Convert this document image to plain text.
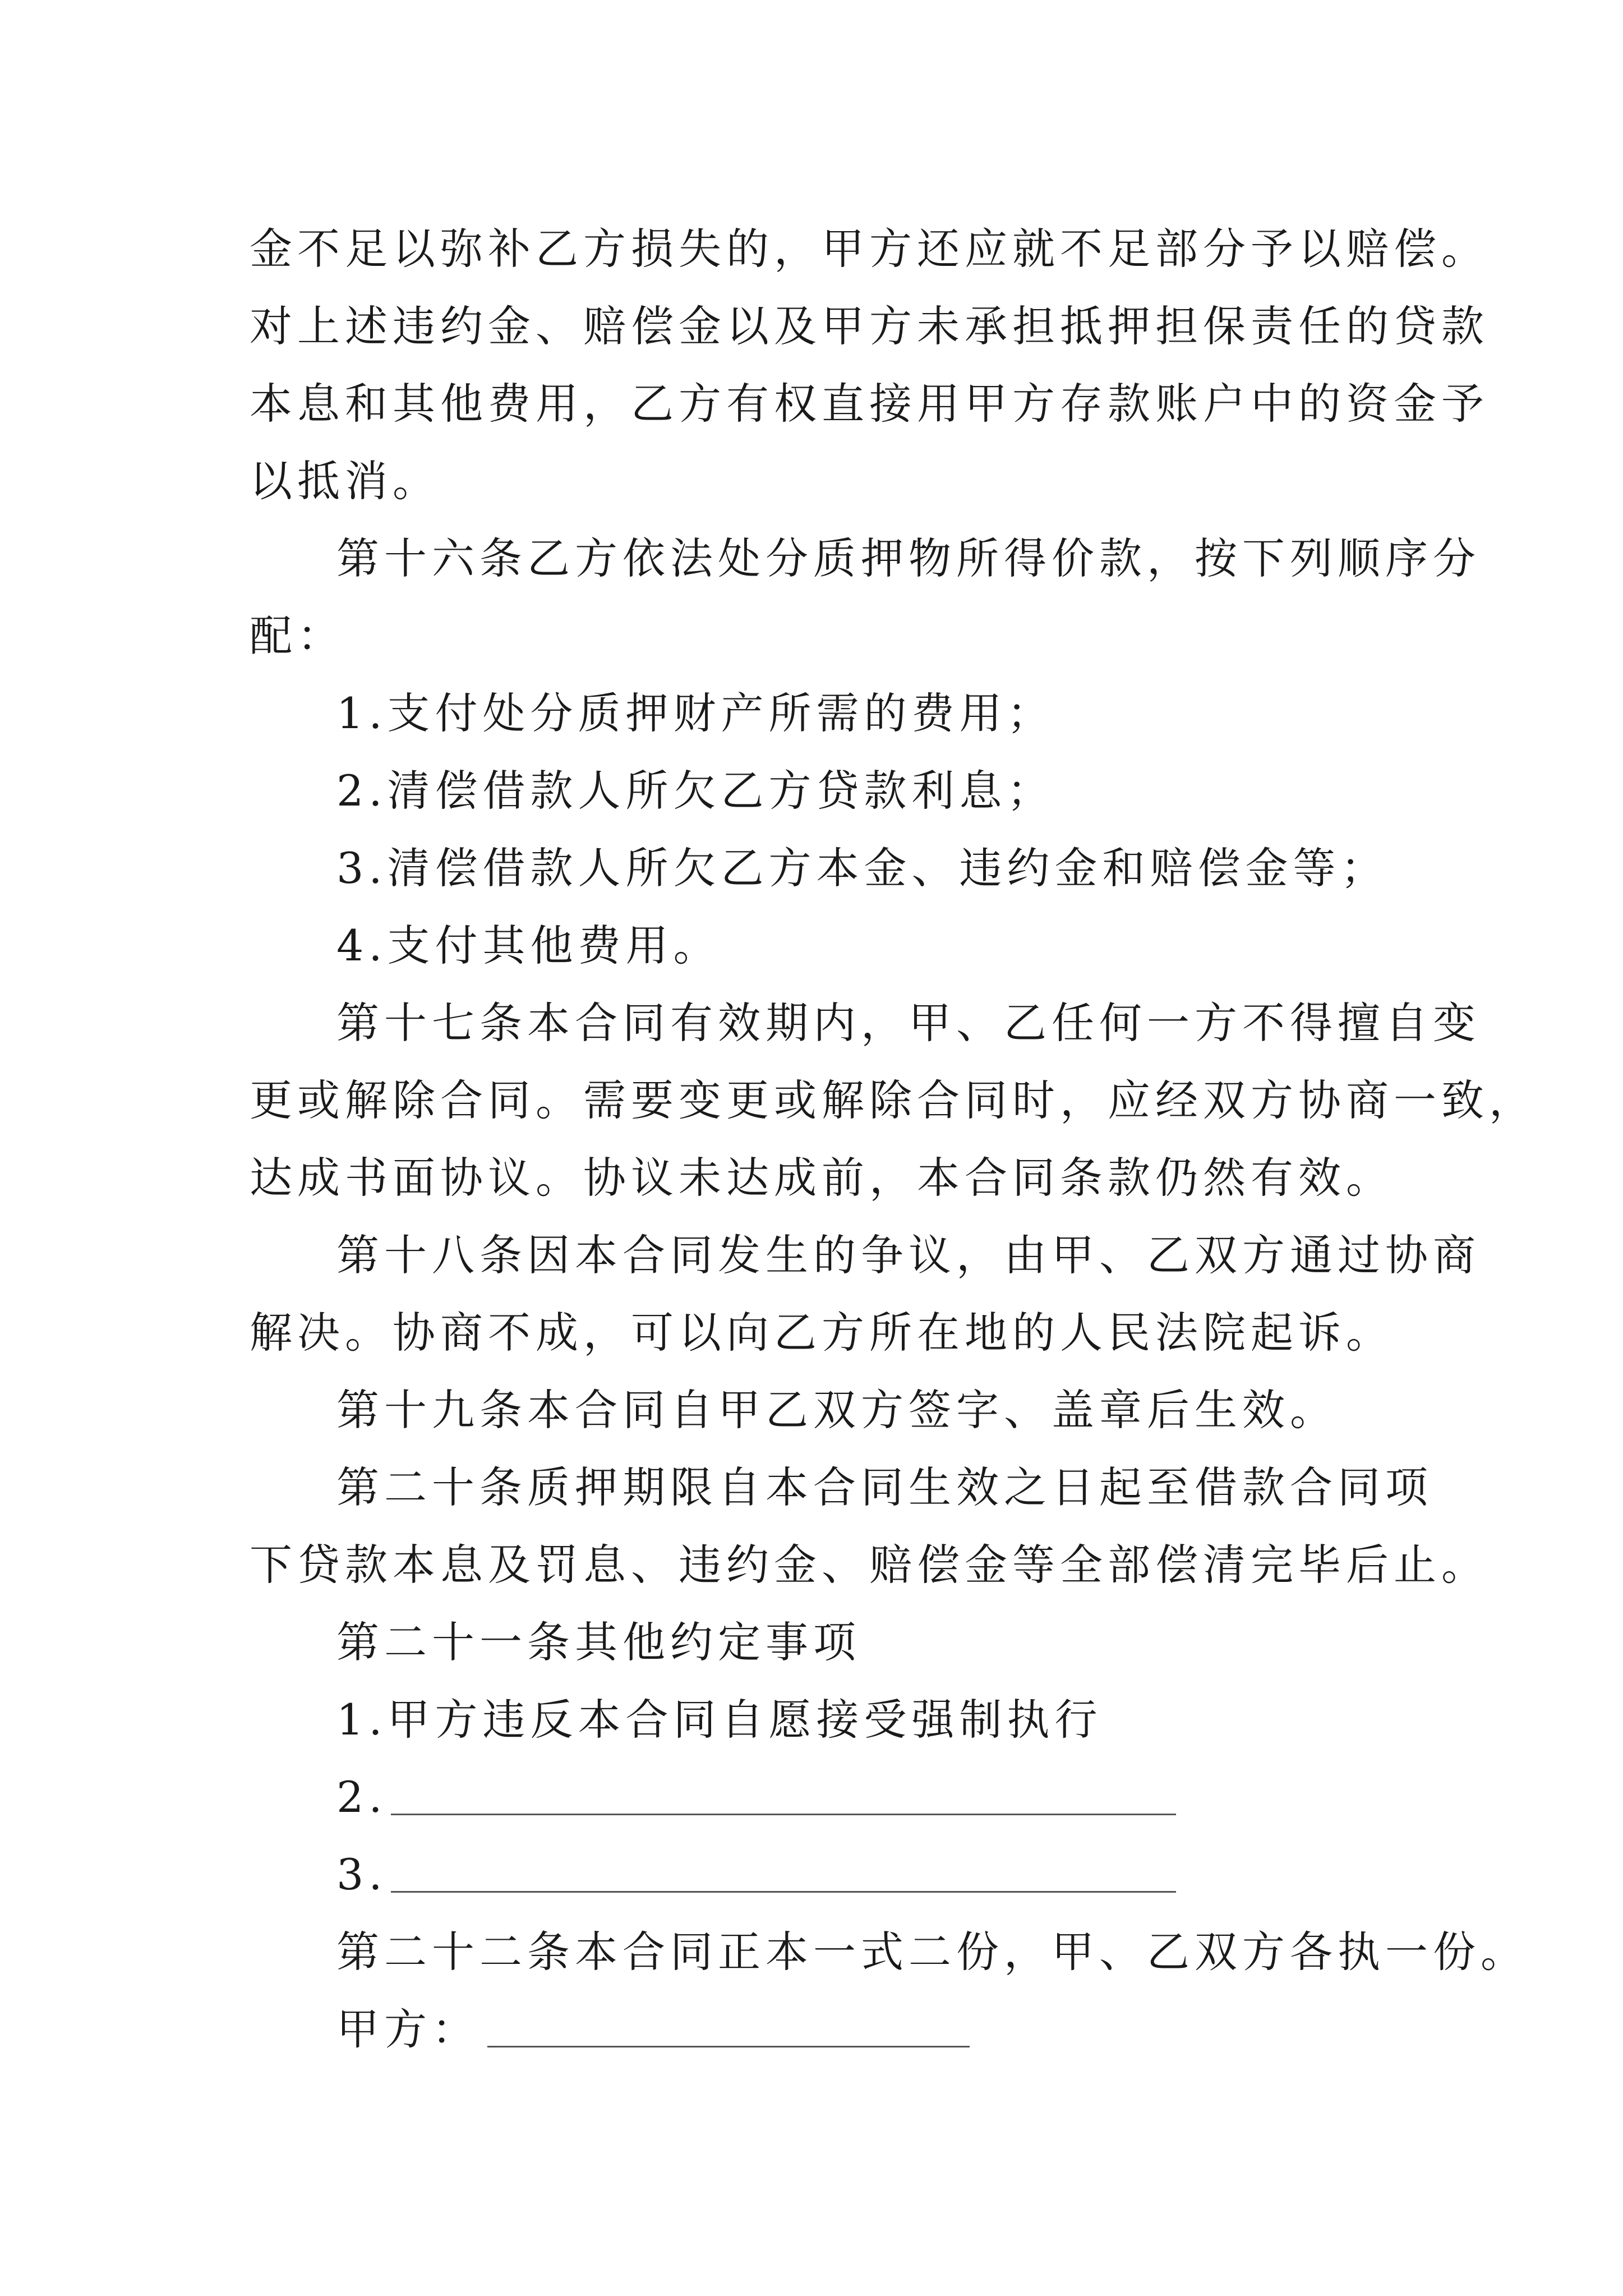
金不足以弥补乙方损失的，甲方还应就不足部分予以赔偿。
对上述违约金、赔偿金以及甲方未承担抵押担保责任的贷款
本息和其他费用，乙方有权直接用甲方存款账户中的资金予
以抵消。
第十六条乙方依法处分质押物所得价款，按下列顺序分
配：
1.支付处分质押财产所需的费用；
2.清偿借款人所欠乙方贷款利息；
3.清偿借款人所欠乙方本金、违约金和赔偿金等；
4.支付其他费用。
第十七条本合同有效期内，甲、乙任何一方不得擅自变
更或解除合同。需要变更或解除合同时，应经双方协商一致，
达成书面协议。协议未达成前，本合同条款仍然有效。
第十八条因本合同发生的争议，由甲、乙双方通过协商
解决。协商不成，可以向乙方所在地的人民法院起诉。
第十九条本合同自甲乙双方签字、盖章后生效。
第二十条质押期限自本合同生效之日起至借款合同项
下贷款本息及罚息、违约金、赔偿金等全部偿清完毕后止。
第二十一条其他约定事项
1.甲方违反本合同自愿接受强制执行
2.
3.
第二十二条本合同正本一式二份，甲、乙双方各执一份。
甲方：
